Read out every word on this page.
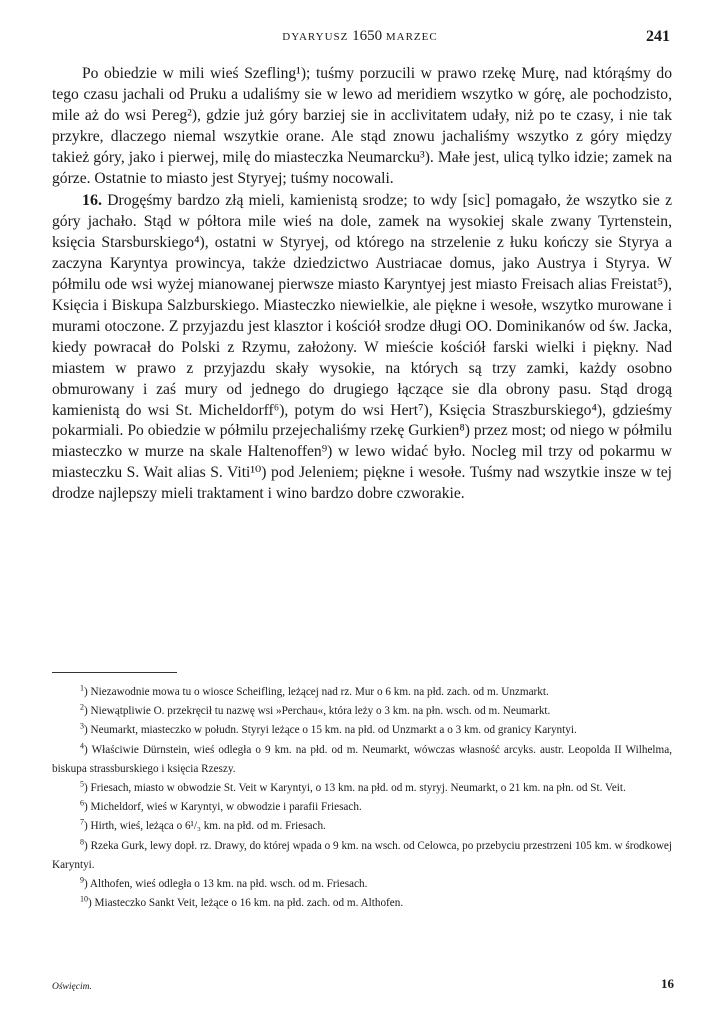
DYARYUSZ 1650 MARZEC	241

Po obiedzie w mili wieś Szefling¹); tuśmy porzucili w prawo rzekę Murę, nad którąśmy do tego czasu jachali od Pruku a udaliśmy sie w lewo ad meridiem wszytko w górę, ale pochodzisto, mile aż do wsi Pereg²), gdzie już góry barziej sie in acclivitatem udały, niż po te czasy, i nie tak przykre, dlaczego niemal wszytkie orane. Ale stąd znowu jachaliśmy wszytko z góry między takież góry, jako i pierwej, milę do miasteczka Neumarcku³). Małe jest, ulicą tylko idzie; zamek na górze. Ostatnie to miasto jest Styryej; tuśmy nocowali.

16. Drogęśmy bardzo złą mieli, kamienistą srodze; to wdy [sic] pomagało, że wszytko sie z góry jachało. Stąd w półtora mile wieś na dole, zamek na wysokiej skale zwany Tyrtenstein, księcia Starsburskiego⁴), ostatni w Styryej, od którego na strzelenie z łuku kończy sie Styrya a zaczyna Karyntya prowincya, także dziedzictwo Austriacae domus, jako Austrya i Styrya. W półmilu ode wsi wyżej mianowanej pierwsze miasto Karyntyej jest miasto Freisach alias Freistat⁵), Księcia i Biskupa Salzburskiego. Miasteczko niewielkie, ale piękne i wesołe, wszytko murowane i murami otoczone. Z przyjazdu jest klasztor i kościół srodze długi OO. Dominikanów od św. Jacka, kiedy powracał do Polski z Rzymu, założony. W mieście kościół farski wielki i piękny. Nad miastem w prawo z przyjazdu skały wysokie, na których są trzy zamki, każdy osobno obmurowany i zaś mury od jednego do drugiego łączące sie dla obrony pasu. Stąd drogą kamienistą do wsi St. Micheldorff⁶), potym do wsi Hert⁷), Księcia Straszburskiego⁴), gdzieśmy pokarmiali. Po obiedzie w półmilu przejechaliśmy rzekę Gurkien⁸) przez most; od niego w półmilu miasteczko w murze na skale Haltenoffen⁹) w lewo widać było. Nocleg mil trzy od pokarmu w miasteczku S. Wait alias S. Viti¹⁰) pod Jeleniem; piękne i wesołe. Tuśmy nad wszytkie insze w tej drodze najlepszy mieli traktament i wino bardzo dobre czworakie.

$^1$) Niezawodnie mowa tu o wiosce Scheifling, leżącej nad rz. Mur o 6 km. na płd. zach. od m. Unzmarkt.

$^2$) Niewątpliwie O. przekręcił tu nazwę wsi »Perchau«, która leży o 3 km. na płn. wsch. od m. Neumarkt.

$^3$) Neumarkt, miasteczko w połudn. Styryi leżące o 15 km. na płd. od Unzmarkt a o 3 km. od granicy Karyntyi.

$^4$) Właściwie Dürnstein, wieś odległa o 9 km. na płd. od m. Neumarkt, wówczas własność arcyks. austr. Leopolda II Wilhelma, biskupa strassburskiego i księcia Rzeszy.

$^5$) Friesach, miasto w obwodzie St. Veit w Karyntyi, o 13 km. na płd. od m. styryj. Neumarkt, o 21 km. na płn. od St. Veit.

$^6$) Micheldorf, wieś w Karyntyi, w obwodzie i parafii Friesach.

$^7$) Hirth, wieś, leżąca o 6¹/₃ km. na płd. od m. Friesach.

$^8$) Rzeka Gurk, lewy dopł. rz. Drawy, do której wpada o 9 km. na wsch. od Celowca, po przebyciu przestrzeni 105 km. w środkowej Karyntyi.

$^9$) Althofen, wieś odległa o 13 km. na płd. wsch. od m. Friesach.

$^{10}$) Miasteczko Sankt Veit, leżące o 16 km. na płd. zach. od m. Althofen.

Oświęcim.	16
